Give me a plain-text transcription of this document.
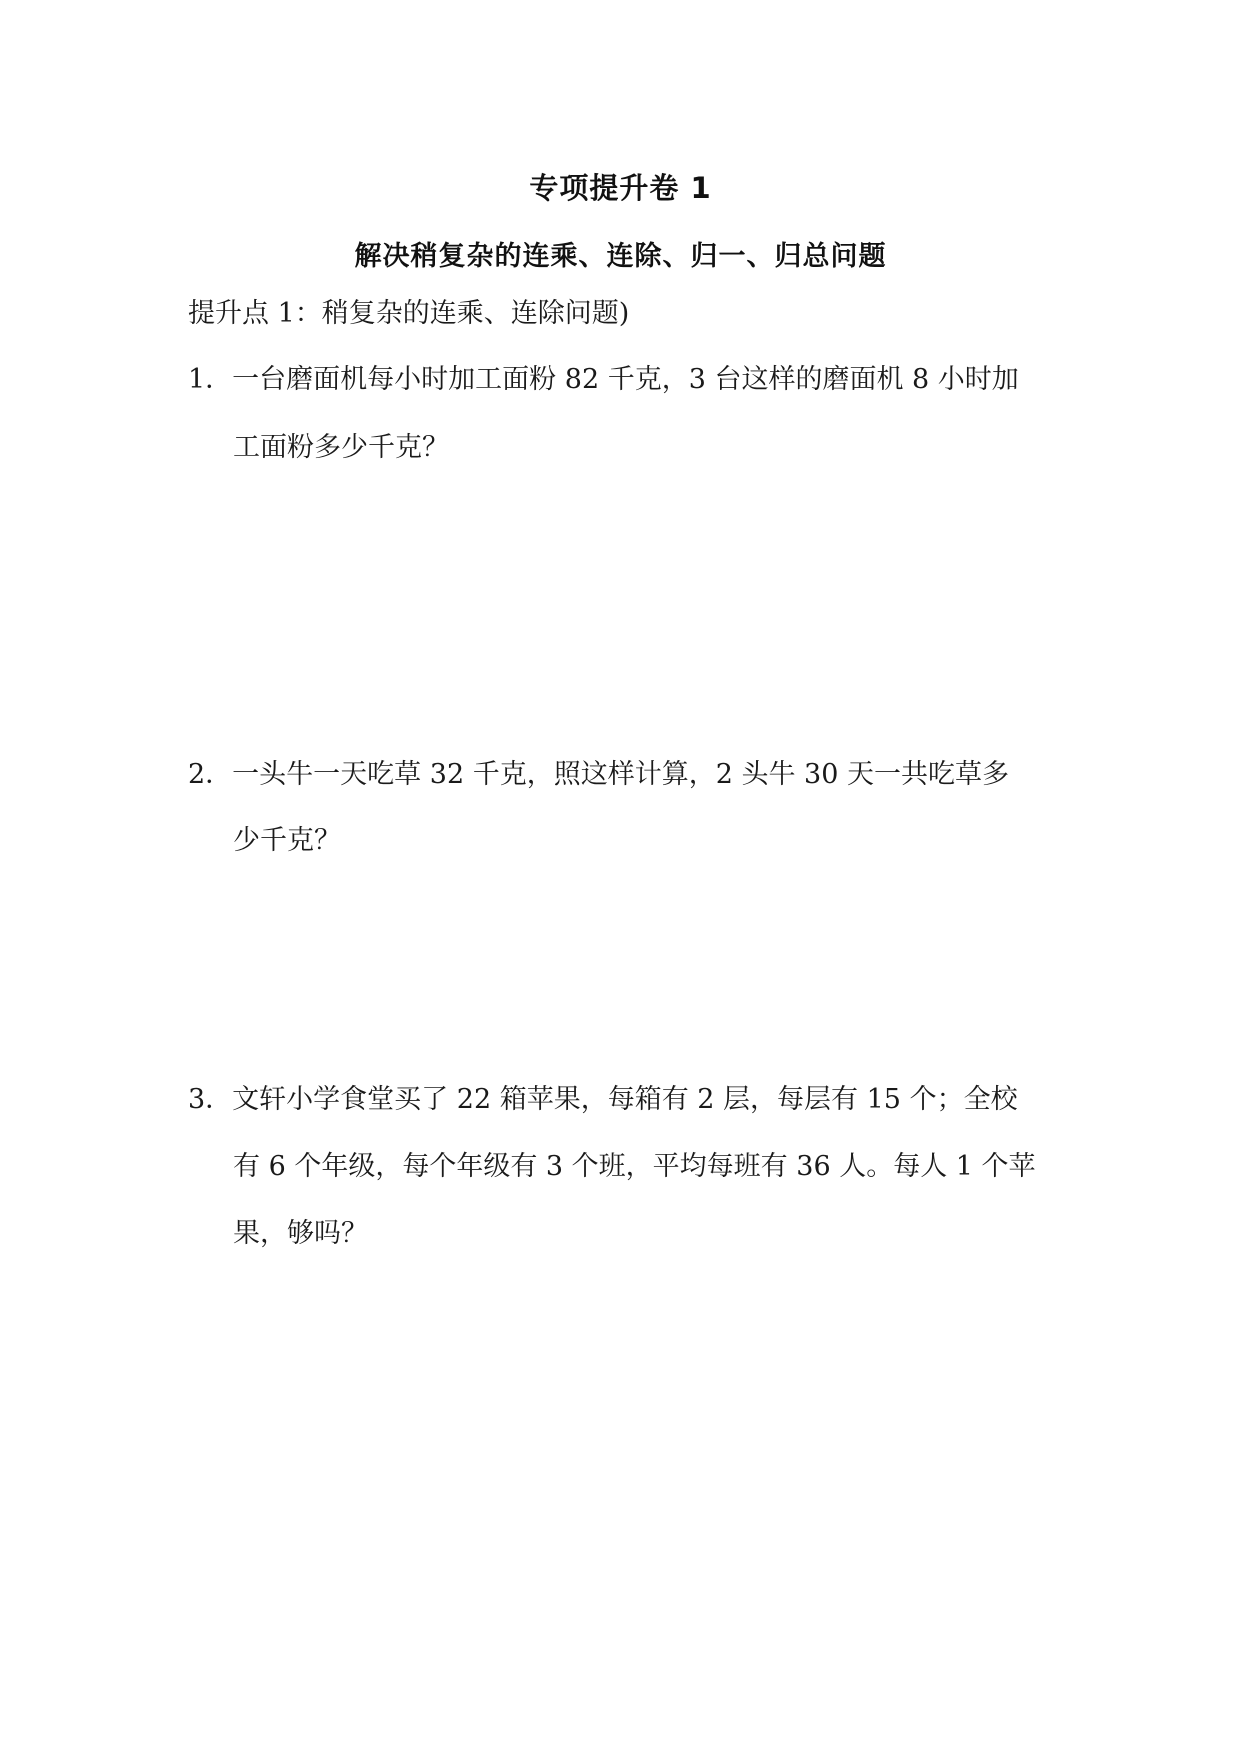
专项提升卷 1
解决稍复杂的连乘、连除、归一、归总问题
提升点 1：稍复杂的连乘、连除问题)
1．一台磨面机每小时加工面粉 82 千克，3 台这样的磨面机 8 小时加
工面粉多少千克？
2．一头牛一天吃草 32 千克，照这样计算，2 头牛 30 天一共吃草多
少千克？
3．文轩小学食堂买了 22 箱苹果，每箱有 2 层，每层有 15 个；全校
有 6 个年级，每个年级有 3 个班，平均每班有 36 人。每人 1 个苹
果，够吗？
